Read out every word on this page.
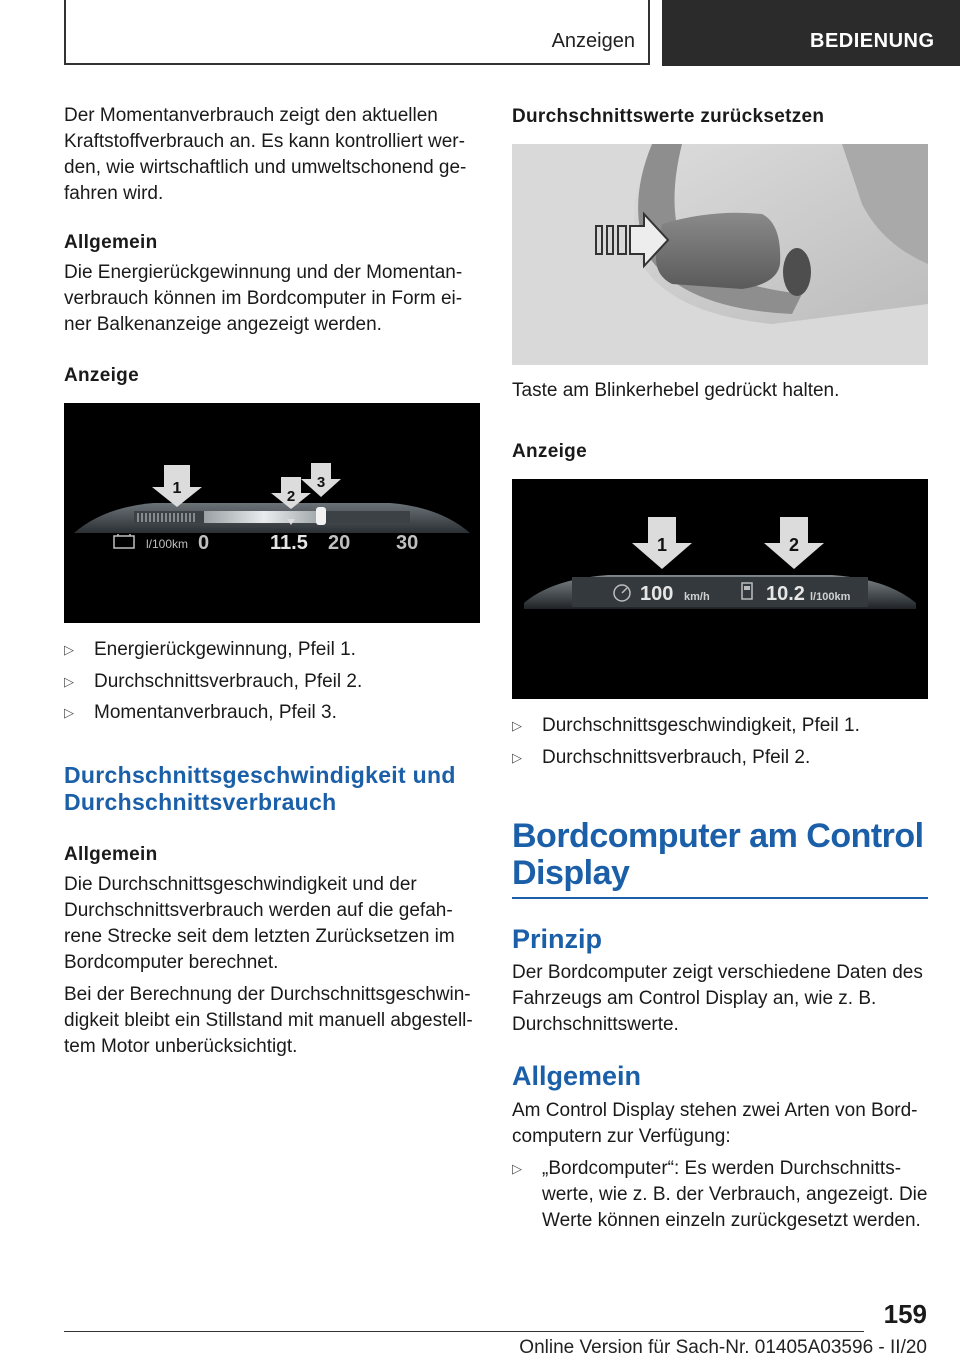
Anzeigen	BEDIENUNG
Der Momentanverbrauch zeigt den aktuellen
Kraftstoffverbrauch an. Es kann kontrolliert wer-
den, wie wirtschaftlich und umweltschonend ge-
fahren wird.
Allgemein
Die Energierückgewinnung und der Momentan-
verbrauch können im Bordcomputer in Form ei-
ner Balkenanzeige angezeigt werden.
Anzeige
1	2
3
l/100km 0	11.5 20 30
▷ Energierückgewinnung, Pfeil 1.
▷ Durchschnittsverbrauch, Pfeil 2.
▷ Momentanverbrauch, Pfeil 3.
Durchschnittsgeschwindigkeit und
Durchschnittsverbrauch
Allgemein
Die Durchschnittsgeschwindigkeit und der
Durchschnittsverbrauch werden auf die gefah-
rene Strecke seit dem letzten Zurücksetzen im
Bordcomputer berechnet.
Bei der Berechnung der Durchschnittsgeschwin-
digkeit bleibt ein Stillstand mit manuell abgestell-
tem Motor unberücksichtigt.
Durchschnittswerte zurücksetzen
Taste am Blinkerhebel gedrückt halten.
Anzeige
1	2
100 km/h	10.2 l/100km
▷ Durchschnittsgeschwindigkeit, Pfeil 1.
▷ Durchschnittsverbrauch, Pfeil 2.
Bordcomputer am Control
Display
Prinzip
Der Bordcomputer zeigt verschiedene Daten des
Fahrzeugs am Control Display an, wie z. B.
Durchschnittswerte.
Allgemein
Am Control Display stehen zwei Arten von Bord-
computern zur Verfügung:
▷ „Bordcomputer“: Es werden Durchschnitts-
werte, wie z. B. der Verbrauch, angezeigt. Die
Werte können einzeln zurückgesetzt werden.
159
Online Version für Sach-Nr. 01405A03596 - II/20
